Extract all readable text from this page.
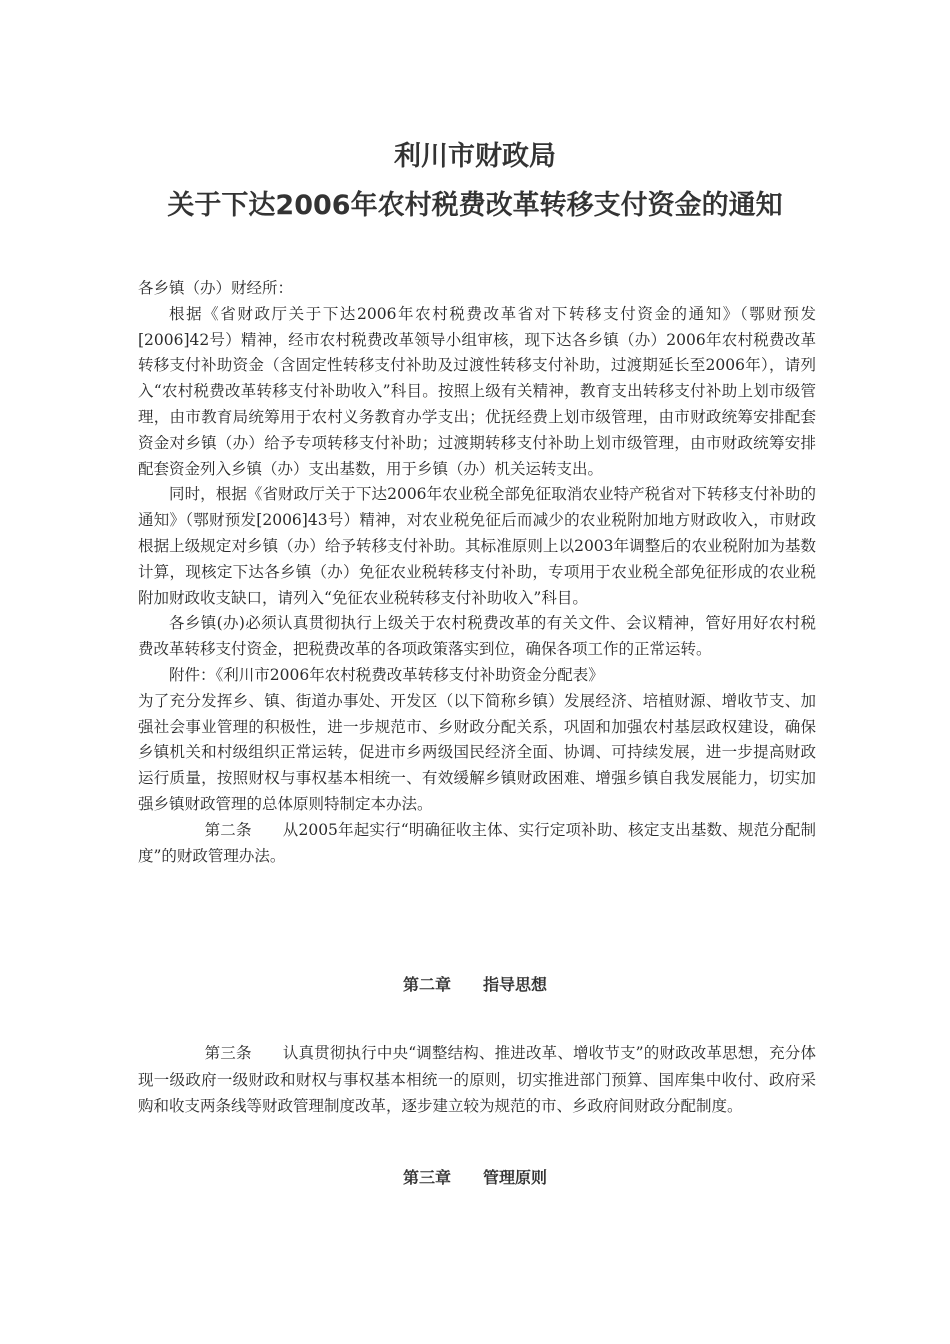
利川市财政局
关于下达2006年农村税费改革转移支付资金的通知

各乡镇（办）财经所：

根据《省财政厅关于下达2006年农村税费改革省对下转移支付资金的通知》（鄂财预发[2006]42号）精神，经市农村税费改革领导小组审核，现下达各乡镇（办）2006年农村税费改革转移支付补助资金（含固定性转移支付补助及过渡性转移支付补助，过渡期延长至2006年），请列入“农村税费改革转移支付补助收入”科目。按照上级有关精神，教育支出转移支付补助上划市级管理，由市教育局统筹用于农村义务教育办学支出；优抚经费上划市级管理，由市财政统筹安排配套资金对乡镇（办）给予专项转移支付补助；过渡期转移支付补助上划市级管理，由市财政统筹安排配套资金列入乡镇（办）支出基数，用于乡镇（办）机关运转支出。

同时，根据《省财政厅关于下达2006年农业税全部免征取消农业特产税省对下转移支付补助的通知》（鄂财预发[2006]43号）精神，对农业税免征后而减少的农业税附加地方财政收入，市财政根据上级规定对乡镇（办）给予转移支付补助。其标准原则上以2003年调整后的农业税附加为基数计算，现核定下达各乡镇（办）免征农业税转移支付补助，专项用于农业税全部免征形成的农业税附加财政收支缺口，请列入“免征农业税转移支付补助收入”科目。

各乡镇(办)必须认真贯彻执行上级关于农村税费改革的有关文件、会议精神，管好用好农村税费改革转移支付资金，把税费改革的各项政策落实到位，确保各项工作的正常运转。

附件：《利川市2006年农村税费改革转移支付补助资金分配表》

为了充分发挥乡、镇、街道办事处、开发区（以下简称乡镇）发展经济、培植财源、增收节支、加强社会事业管理的积极性，进一步规范市、乡财政分配关系，巩固和加强农村基层政权建设，确保乡镇机关和村级组织正常运转，促进市乡两级国民经济全面、协调、可持续发展，进一步提高财政运行质量，按照财权与事权基本相统一、有效缓解乡镇财政困难、增强乡镇自我发展能力，切实加强乡镇财政管理的总体原则特制定本办法。

第二条 从2005年起实行“明确征收主体、实行定项补助、核定支出基数、规范分配制度”的财政管理办法。

第二章　　指导思想

第三条 认真贯彻执行中央“调整结构、推进改革、增收节支”的财政改革思想，充分体现一级政府一级财政和财权与事权基本相统一的原则，切实推进部门预算、国库集中收付、政府采购和收支两条线等财政管理制度改革，逐步建立较为规范的市、乡政府间财政分配制度。

第三章　　管理原则
